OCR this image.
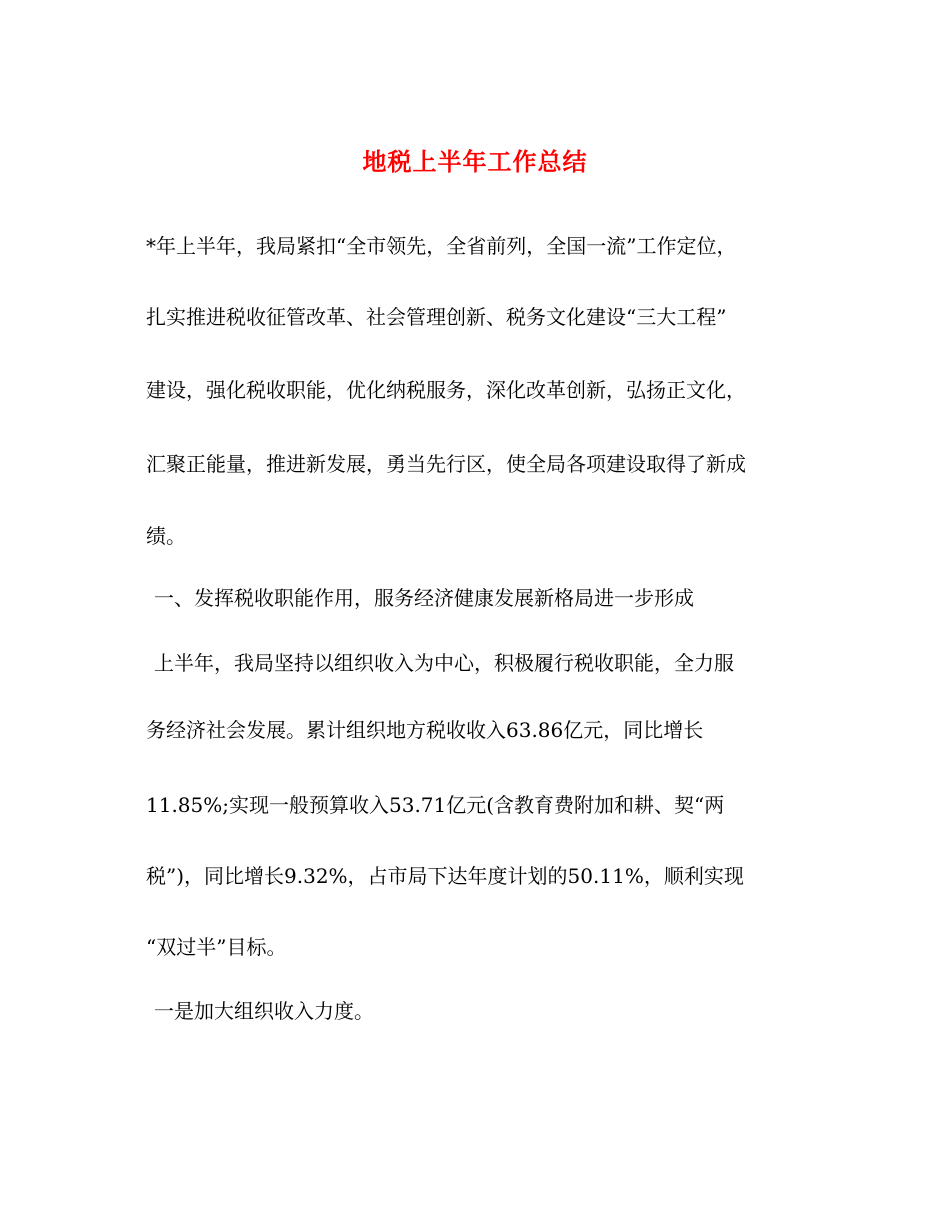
地税上半年工作总结
*年上半年，我局紧扣“全市领先，全省前列，全国一流”工作定位，
扎实推进税收征管改革、社会管理创新、税务文化建设“三大工程”
建设，强化税收职能，优化纳税服务，深化改革创新，弘扬正文化，
汇聚正能量，推进新发展，勇当先行区，使全局各项建设取得了新成
绩。
一、发挥税收职能作用，服务经济健康发展新格局进一步形成
上半年，我局坚持以组织收入为中心，积极履行税收职能，全力服
务经济社会发展。累计组织地方税收收入63.86亿元，同比增长
11.85%;实现一般预算收入53.71亿元(含教育费附加和耕、契“两
税”)，同比增长9.32%，占市局下达年度计划的50.11%，顺利实现
“双过半”目标。
一是加大组织收入力度。
